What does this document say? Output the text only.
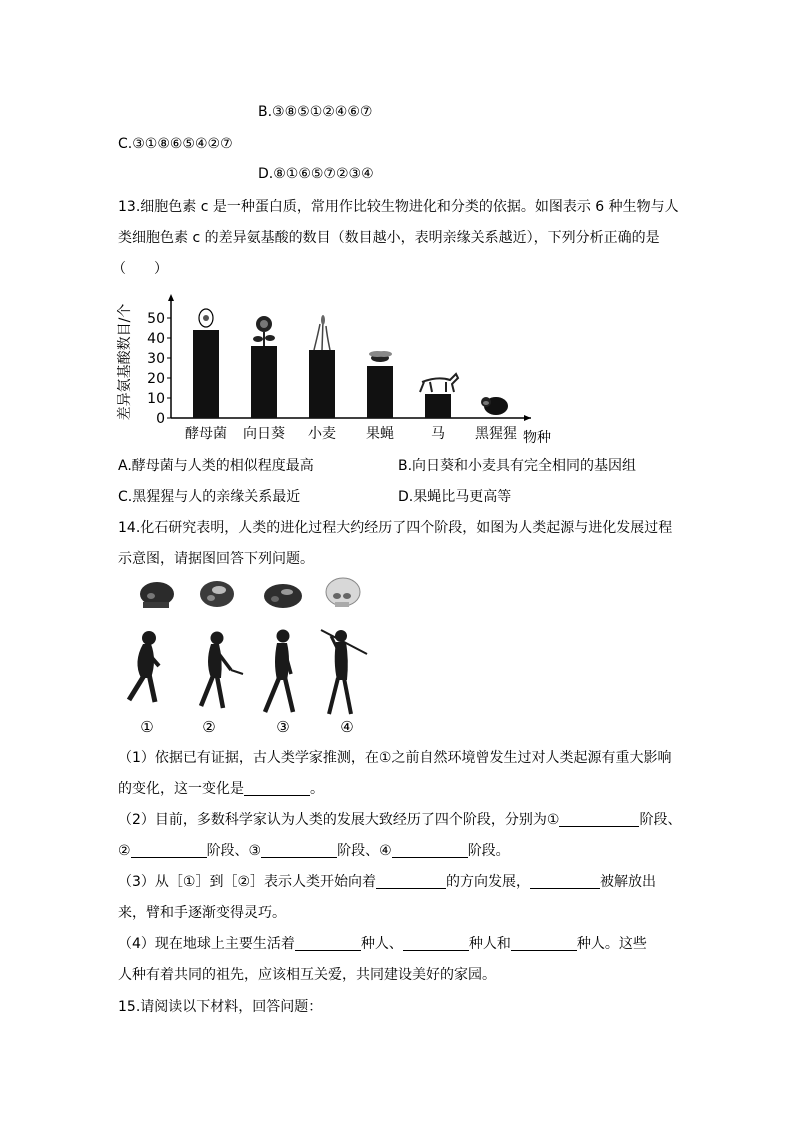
B.③⑧⑤①②④⑥⑦
C.③①⑧⑥⑤④②⑦
D.⑧①⑥⑤⑦②③④
13.细胞色素 c 是一种蛋白质，常用作比较生物进化和分类的依据。如图表示 6 种生物与人
类细胞色素 c 的差异氨基酸的数目（数目越小，表明亲缘关系越近），下列分析正确的是
（　　）
0
10
20
30
40
50
差异氨基酸数目/个
酵母菌 向日葵 小麦 果蝇	马 黑猩猩 物种
A.酵母菌与人类的相似程度最高	B.向日葵和小麦具有完全相同的基因组
C.黑猩猩与人的亲缘关系最近	D.果蝇比马更高等
14.化石研究表明，人类的进化过程大约经历了四个阶段，如图为人类起源与进化发展过程
示意图，请据图回答下列问题。
①	②	③	④
（1）依据已有证据，古人类学家推测，在①之前自然环境曾发生过对人类起源有重大影响
的变化，这一变化是	。
（2）目前，多数科学家认为人类的发展大致经历了四个阶段，分别为①	阶段、
②	阶段、③	阶段、④	阶段。
（3）从［①］到［②］表示人类开始向着	的方向发展，	被解放出
来，臂和手逐渐变得灵巧。
（4）现在地球上主要生活着	种人、	种人和	种人。这些
人种有着共同的祖先，应该相互关爱，共同建设美好的家园。
15.请阅读以下材料，回答问题：
